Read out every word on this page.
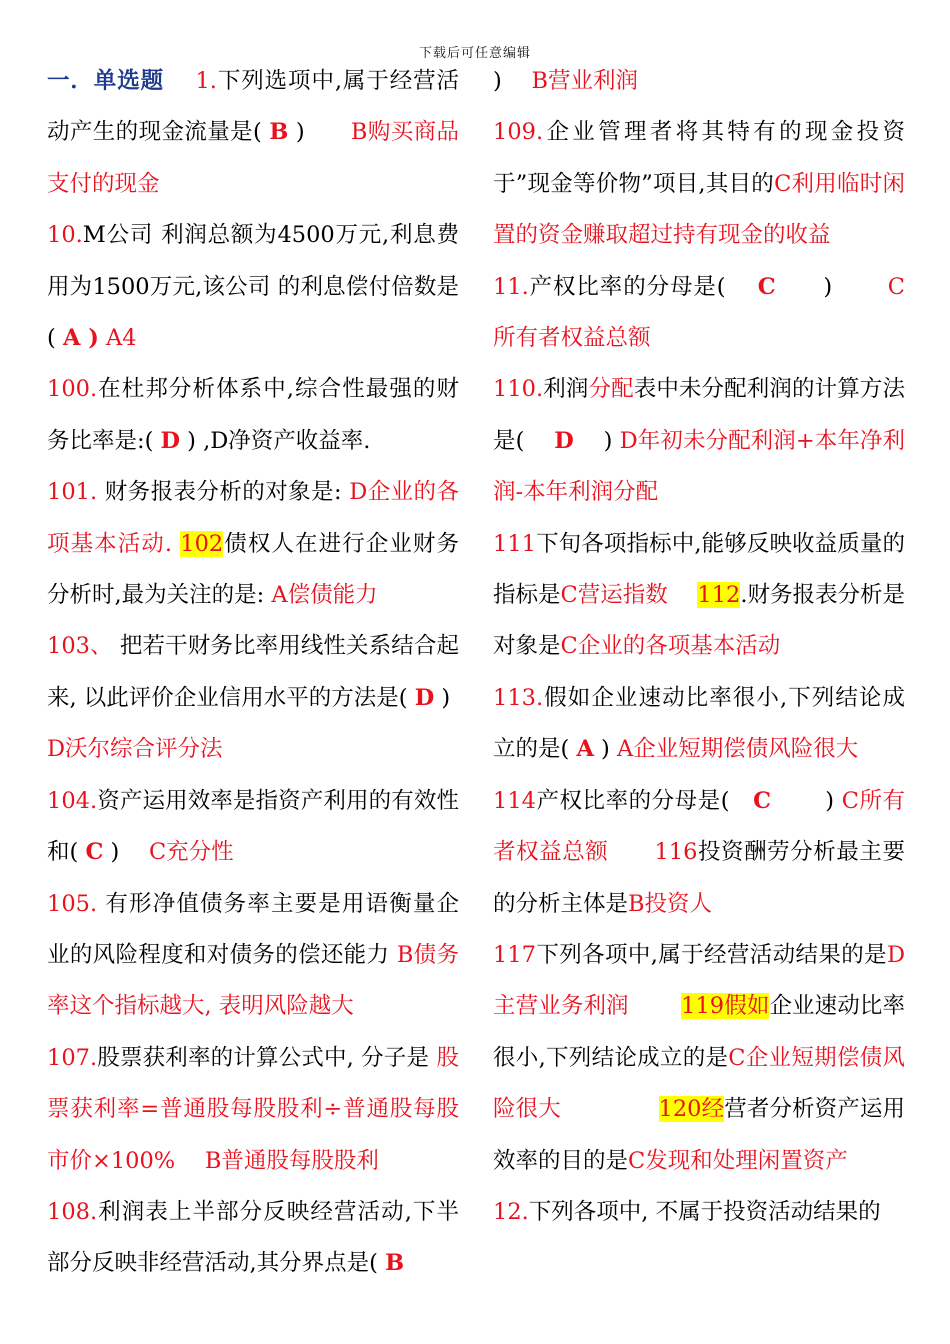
下载后可任意编辑

一．单选题　 1.下列选项中,属于经营活动产生的现金流量是( B )　　B购买商品支付的现金

10.M公司 利润总额为4500万元,利息费用为1500万元,该公司 的利息偿付倍数是( A ) A4

100.在杜邦分析体系中,综合性最强的财务比率是:( D ) ,D净资产收益率.

101. 财务报表分析的对象是: D企业的各项基本活动. 102债权人在进行企业财务分析时,最为关注的是: A偿债能力

103、 把若干财务比率用线性关系结合起来, 以此评价企业信用水平的方法是( D )　 D沃尔综合评分法

104.资产运用效率是指资产利用的有效性和( C ) 　C充分性

105. 有形净值债务率主要是用语衡量企业的风险程度和对债务的偿还能力 B债务率这个指标越大, 表明风险越大

107.股票获利率的计算公式中, 分子是 股票获利率=普通股每股股利÷普通股每股市价×100%　 B普通股每股股利

108.利润表上半部分反映经营活动,下半部分反映非经营活动,其分界点是( B

)　 B营业利润

109.企业管理者将其特有的现金投资于”现金等价物”项目,其目的C利用临时闲置的资金赚取超过持有现金的收益

11.产权比率的分母是(　 C　　)　　 C所有者权益总额

110.利润分配表中未分配利润的计算方法是(　 D　 ) D年初未分配利润+本年净利润-本年利润分配

111下旬各项指标中,能够反映收益质量的指标是C营运指数　 112.财务报表分析是对象是C企业的各项基本活动

113.假如企业速动比率很小,下列结论成立的是( A ) A企业短期偿债风险很大

114产权比率的分母是(　C　　 ) C所有者权益总额　　 116投资酬劳分析最主要的分析主体是B投资人

117下列各项中,属于经营活动结果的是D主营业务利润　　 119假如企业速动比率很小,下列结论成立的是C企业短期偿债风险很大　　　　	120经营者分析资产运用效率的目的是C发现和处理闲置资产

12.下列各项中, 不属于投资活动结果的
